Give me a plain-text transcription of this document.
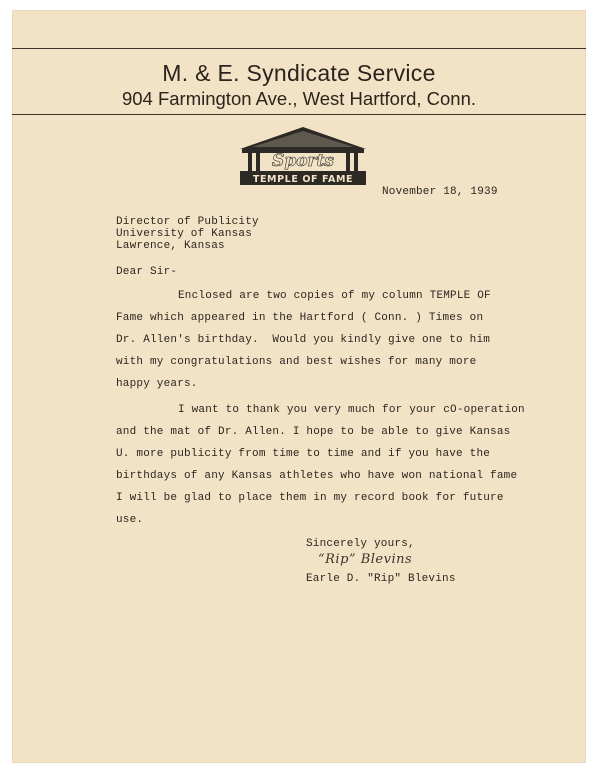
M. & E. Syndicate Service
904 Farmington Ave., West Hartford, Conn.
Sports
TEMPLE OF FAME
November 18, 1939
Director of Publicity
University of Kansas
Lawrence, Kansas
Dear Sir-
Enclosed are two copies of my column TEMPLE OF
Fame which appeared in the Hartford ( Conn. ) Times on
Dr. Allen's birthday.  Would you kindly give one to him
with my congratulations and best wishes for many more
happy years.
I want to thank you very much for your cO-operation
and the mat of Dr. Allen. I hope to be able to give Kansas
U. more publicity from time to time and if you have the
birthdays of any Kansas athletes who have won national fame
I will be glad to place them in my record book for future
use.
Sincerely yours,
“Rip” Blevins
Earle D. "Rip" Blevins
